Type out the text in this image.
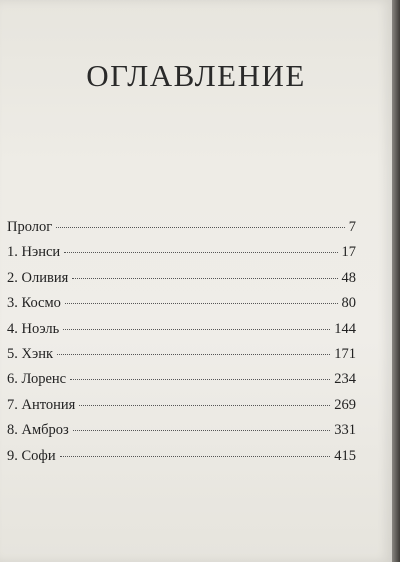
ОГЛАВЛЕНИЕ
Пролог	7
1. Нэнси	17
2. Оливия	48
3. Космо	80
4. Ноэль	144
5. Хэнк	171
6. Лоренс	234
7. Антония	269
8. Амброз	331
9. Софи	415
